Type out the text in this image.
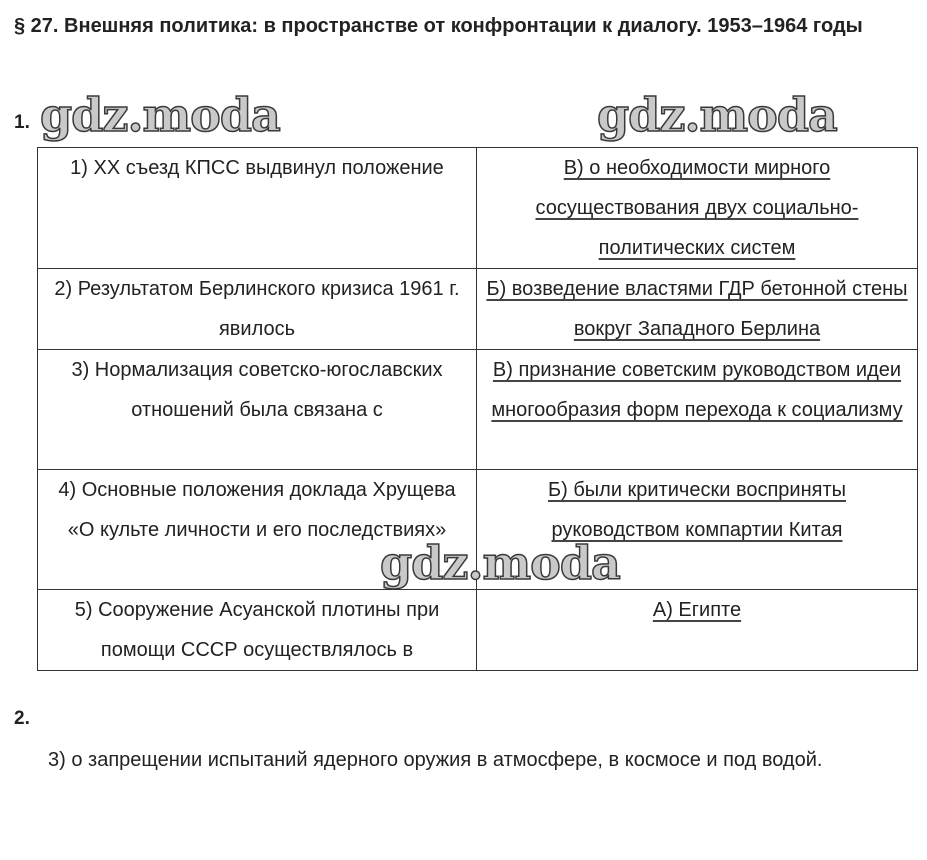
§ 27. Внешняя политика: в пространстве от конфронтации к диалогу. 1953–1964 годы
1.
1) XX съезд КПСС выдвинул положение	В) о необходимости мирного сосуществования двух социально-политических систем
2) Результатом Берлинского кризиса 1961 г. явилось	Б) возведение властями ГДР бетонной стены вокруг Западного Берлина
3) Нормализация советско-югославских отношений была связана с	В) признание советским руководством идеи многообразия форм перехода к социализму
4) Основные положения доклада Хрущева «О культе личности и его последствиях»	Б) были критически восприняты руководством компартии Китая
5) Сооружение Асуанской плотины при помощи СССР осуществлялось в	А) Египте
gdz.moda	gdz.moda
gdz.moda
2.
3) о запрещении испытаний ядерного оружия в атмосфере, в космосе и под водой.
